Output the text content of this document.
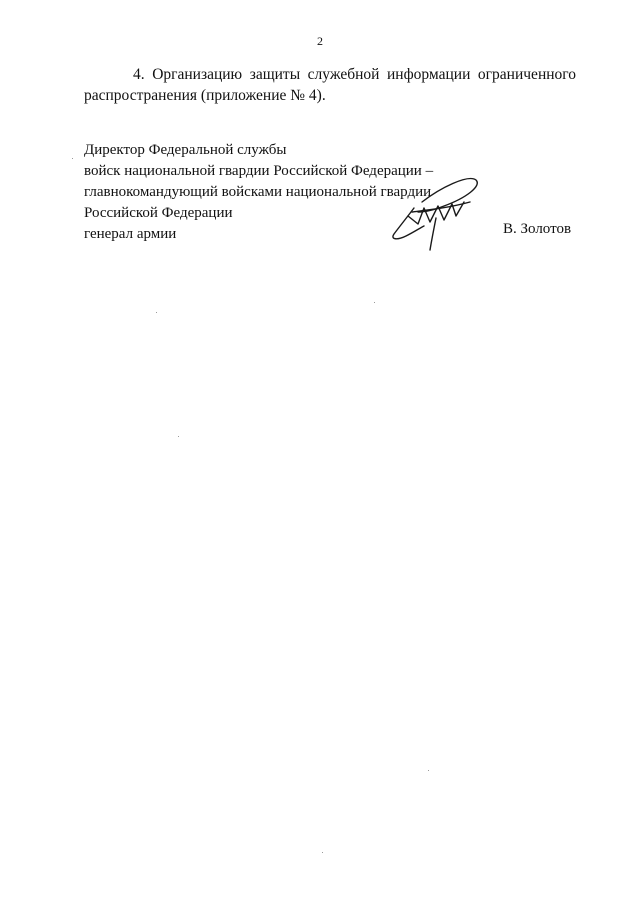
2

4. Организацию защиты служебной информации ограниченного распространения (приложение № 4).

Директор Федеральной службы
войск национальной гвардии Российской Федерации –
главнокомандующий войсками национальной гвардии
Российской Федерации
генерал армии	В. Золотов
